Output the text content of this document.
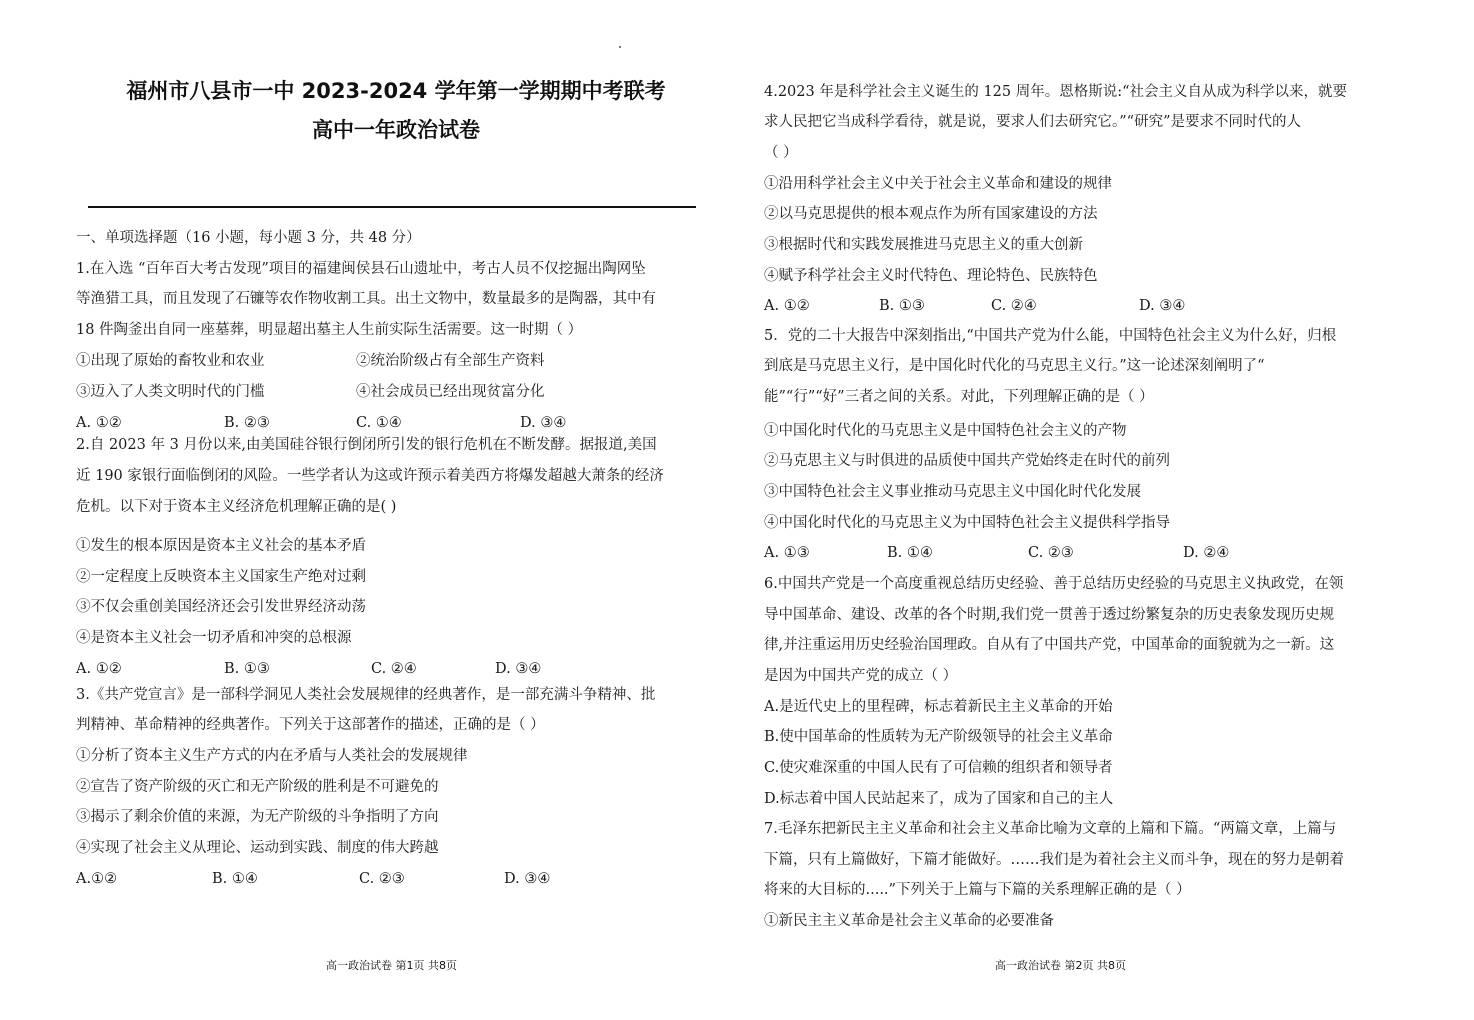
福州市八县市一中 2023-2024 学年第一学期期中考联考
高中一年政治试卷
一、单项选择题（16 小题，每小题 3 分，共 48 分）
1.在入选 “百年百大考古发现”项目的福建闽侯县石山遗址中，考古人员不仅挖掘出陶网坠
等渔猎工具，而且发现了石镰等农作物收割工具。出土文物中，数量最多的是陶器，其中有
18 件陶釜出自同一座墓葬，明显超出墓主人生前实际生活需要。这一时期（ ）
①出现了原始的畜牧业和农业	②统治阶级占有全部生产资料
③迈入了人类文明时代的门槛	④社会成员已经出现贫富分化
A. ①②	B. ②③	C. ①④	D. ③④
2.自 2023 年 3 月份以来,由美国硅谷银行倒闭所引发的银行危机在不断发酵。据报道,美国
近 190 家银行面临倒闭的风险。一些学者认为这或许预示着美西方将爆发超越大萧条的经济
危机。以下对于资本主义经济危机理解正确的是( )
①发生的根本原因是资本主义社会的基本矛盾
②一定程度上反映资本主义国家生产绝对过剩
③不仅会重创美国经济还会引发世界经济动荡
④是资本主义社会一切矛盾和冲突的总根源
A. ①②	B. ①③	C. ②④	D. ③④
3.《共产党宣言》是一部科学洞见人类社会发展规律的经典著作，是一部充满斗争精神、批
判精神、革命精神的经典著作。下列关于这部著作的描述，正确的是（ ）
①分析了资本主义生产方式的内在矛盾与人类社会的发展规律
②宣告了资产阶级的灭亡和无产阶级的胜利是不可避免的
③揭示了剩余价值的来源，为无产阶级的斗争指明了方向
④实现了社会主义从理论、运动到实践、制度的伟大跨越
A.①②	B. ①④	C. ②③	D. ③④
高一政治试卷 第1页 共8页
4.2023 年是科学社会主义诞生的 125 周年。恩格斯说:“社会主义自从成为科学以来，就要
求人民把它当成科学看待，就是说，要求人们去研究它。”“研究”是要求不同时代的人
（ ）
①沿用科学社会主义中关于社会主义革命和建设的规律
②以马克思提供的根本观点作为所有国家建设的方法
③根据时代和实践发展推进马克思主义的重大创新
④赋予科学社会主义时代特色、理论特色、民族特色
A. ①②	B. ①③	C. ②④	D. ③④
5．党的二十大报告中深刻指出,“中国共产党为什么能，中国特色社会主义为什么好，归根
到底是马克思主义行，是中国化时代化的马克思主义行。”这一论述深刻阐明了“
能”“行”“好”三者之间的关系。对此，下列理解正确的是（ ）
①中国化时代化的马克思主义是中国特色社会主义的产物
②马克思主义与时俱进的品质使中国共产党始终走在时代的前列
③中国特色社会主义事业推动马克思主义中国化时代化发展
④中国化时代化的马克思主义为中国特色社会主义提供科学指导
A. ①③	B. ①④	C. ②③	D. ②④
6.中国共产党是一个高度重视总结历史经验、善于总结历史经验的马克思主义执政党，在领
导中国革命、建设、改革的各个时期,我们党一贯善于透过纷繁复杂的历史表象发现历史规
律,并注重运用历史经验治国理政。自从有了中国共产党，中国革命的面貌就为之一新。这
是因为中国共产党的成立（ ）
A.是近代史上的里程碑，标志着新民主主义革命的开始
B.使中国革命的性质转为无产阶级领导的社会主义革命
C.使灾难深重的中国人民有了可信赖的组织者和领导者
D.标志着中国人民站起来了，成为了国家和自己的主人
7.毛泽东把新民主主义革命和社会主义革命比喻为文章的上篇和下篇。“两篇文章，上篇与
下篇，只有上篇做好，下篇才能做好。……我们是为着社会主义而斗争，现在的努力是朝着
将来的大目标的.....”下列关于上篇与下篇的关系理解正确的是（ ）
①新民主主义革命是社会主义革命的必要准备
高一政治试卷 第2页 共8页
